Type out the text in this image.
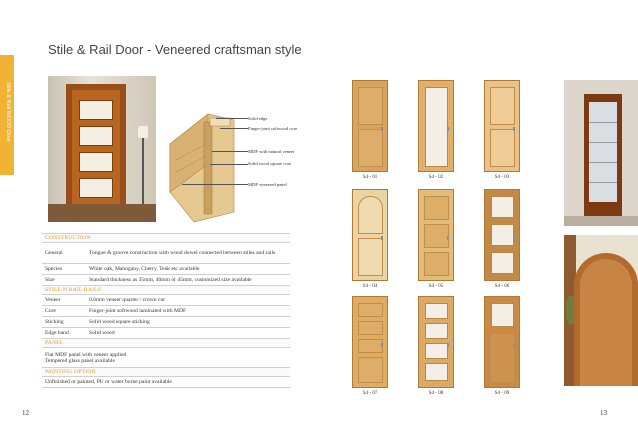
Stile & Rail Door - Veneered craftsman style
Stile & Rail WOOD Door	Solid edge
Finger-joint softwood core
MDF with natural veneer
Solid wood square core
MDF veneered panel
CONSTRUCTION	
General	Tongue & groove construction with wood dowel connected between stiles and rails
Species	White oak, Mahogany, Cherry, Teak etc available
Size	Standard thickness as 35mm, 40mm or 45mm, customized size available
STILE N RAIL RAILS	
Veneer	0.6mm veneer quarter / crown cut
Core	Finger-joint softwood laminated with MDF
Sticking	Solid wood square sticking
Edge band	Solid wood
PANEL	

Flat MDF panel with veneer applied
Tempered glass panel available	

PAINTING OPTION	
Unfinished or painted, PU or water borne paint available	
12	13
S4 - 01	S4 - 02	S4 - 03
S4 - 04	S4 - 05	S4 - 06
S4 - 07	S4 - 08	S4 - 09
